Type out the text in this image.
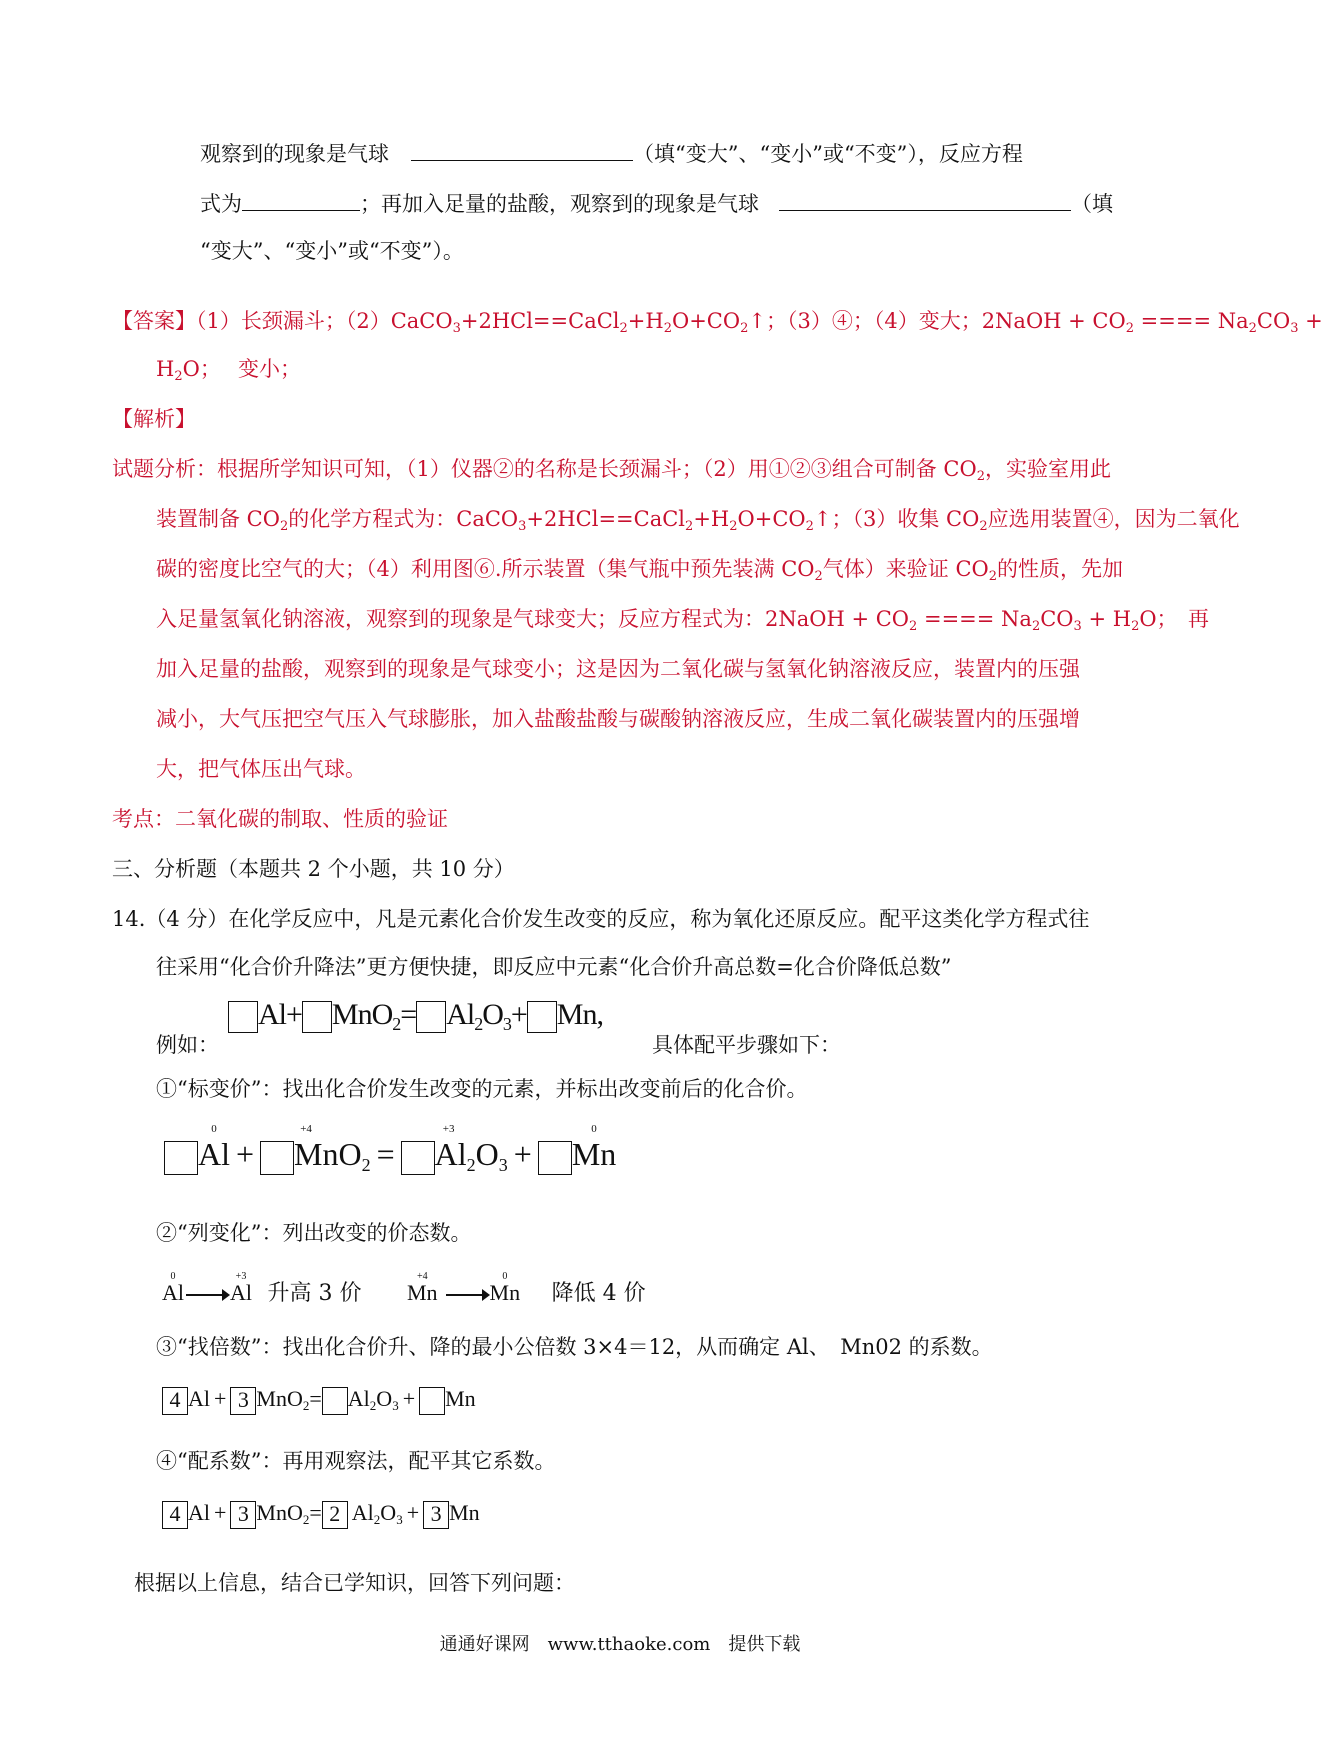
观察到的现象是气球	（填“变大”、“变小”或“不变”），反应方程
式为	；再加入足量的盐酸，观察到的现象是气球	（填
“变大”、“变小”或“不变”）。
【答案】（1）长颈漏斗；$(2)CaCO_3+2HCl==CaCl_2+H_2O+CO_2↑$；（3）④；（4）变大；2NaOH + $CO_2$ ==== $Na_2CO_3$ +
$H_2O$；　 变小；
【解析】
试题分析：根据所学知识可知，（1）仪器②的名称是长颈漏斗；（2）用①②③组合可制备 $CO_2$，实验室用此
装置制备 $CO_2$的化学方程式为：$CaCO_3+2HCl==CaCl_2+H_2O+CO_2↑$；（3）收集 $CO_2$应选用装置④，因为二氧化
碳的密度比空气的大；（4）利用图⑥.所示装置（集气瓶中预先装满 $CO_2$气体）来验证 $CO_2$的性质，先加
入足量氢氧化钠溶液，观察到的现象是气球变大；反应方程式为：2NaOH + $CO_2$ ==== $Na_2CO_3 + H_2O$；　再
加入足量的盐酸，观察到的现象是气球变小；这是因为二氧化碳与氢氧化钠溶液反应，装置内的压强
减小，大气压把空气压入气球膨胀，加入盐酸盐酸与碳酸钠溶液反应，生成二氧化碳装置内的压强增
大，把气体压出气球。
考点：二氧化碳的制取、性质的验证
三、分析题（本题共 2 个小题，共 10 分）
14.（4 分）在化学反应中，凡是元素化合价发生改变的反应，称为氧化还原反应。配平这类化学方程式往
往采用“化合价升降法”更方便快捷，即反应中元素“化合价升高总数=化合价降低总数”
例如：
$Al+ MnO_2= Al_2O_3+ Mn$,
具体配平步骤如下：
①“标变价”：找出化合价发生改变的元素，并标出改变前后的化合价。
0
Al +
+4
MnO$_2$ =
+3
$Al_2O_3$ +
0
Mn
②“列变化”：列出改变的价态数。
0
Al
+3
Al 升高 3 价
+4
Mn
0
Mn 降低 4 价
③“找倍数”：找出化合价升、降的最小公倍数 3×4＝12，从而确定 Al、　Mn02 的系数。
4 Al + 3 $MnO_2= Al_2O_3 + Mn$
④“配系数”：再用观察法，配平其它系数。
4 Al + 3 MnO$_2$= 2 $Al_2O_3 + 3$ Mn
根据以上信息，结合已学知识，回答下列问题：
通通好课网　www.tthaoke.com　提供下载
